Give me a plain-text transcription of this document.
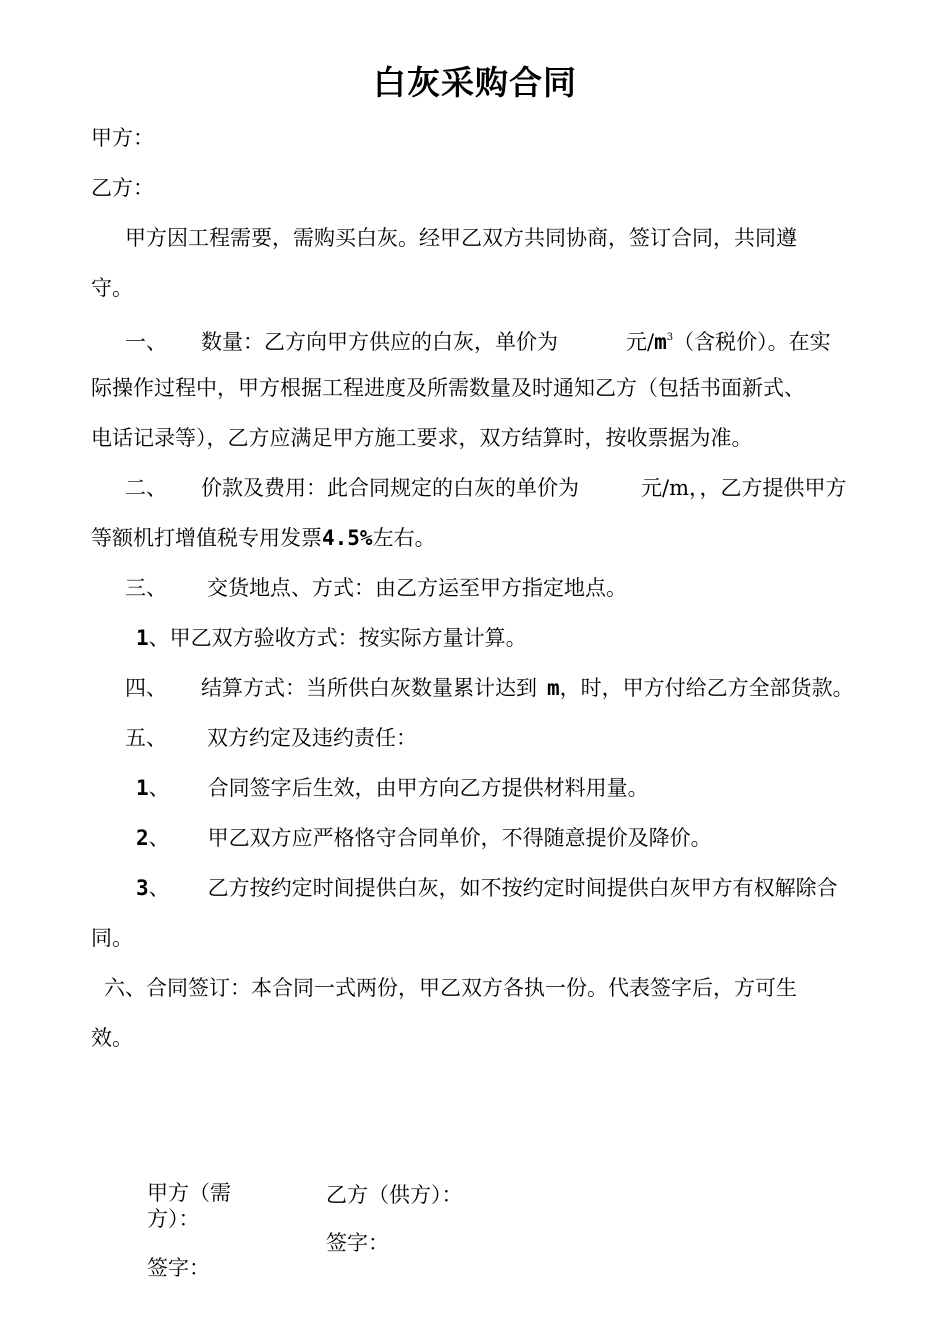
白灰采购合同
甲方：
乙方：
甲方因工程需要，需购买白灰。经甲乙双方共同协商，签订合同，共同遵
守。
一、 数量：乙方向甲方供应的白灰，单价为	元$/m^3$（含税价）。在实
际操作过程中，甲方根据工程进度及所需数量及时通知乙方（包括书面新式、
电话记录等），乙方应满足甲方施工要求，双方结算时，按收票据为准。
二、 价款及费用：此合同规定的白灰的单价为	元/m，，乙方提供甲方
等额机打增值税专用发票4.5%左右。
三、 交货地点、方式：由乙方运至甲方指定地点。
1、甲乙双方验收方式：按实际方量计算。
四、 结算方式：当所供白灰数量累计达到 m，时，甲方付给乙方全部货款。
五、 双方约定及违约责任：
1、 合同签字后生效，由甲方向乙方提供材料用量。
2、 甲乙双方应严格恪守合同单价，不得随意提价及降价。
3、 乙方按约定时间提供白灰，如不按约定时间提供白灰甲方有权解除合
同。
六、合同签订：本合同一式两份，甲乙双方各执一份。代表签字后，方可生
效。
甲方（需
方）：
签字：
乙方（供方）：
签字：
